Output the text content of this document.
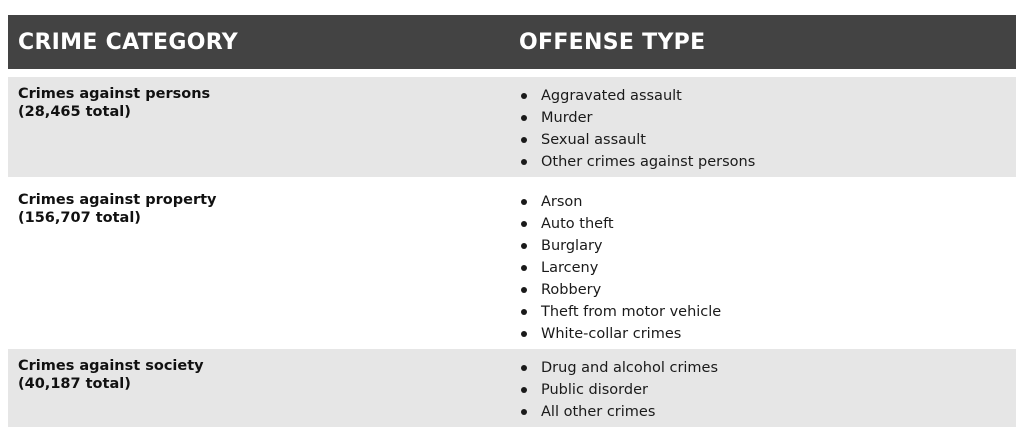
CRIME CATEGORY	OFFENSE TYPE
Crimes against persons
(28,465 total)
Aggravated assault
Murder
Sexual assault
Other crimes against persons
Crimes against property
(156,707 total)
Arson
Auto theft
Burglary
Larceny
Robbery
Theft from motor vehicle
White-collar crimes
Crimes against society
(40,187 total)
Drug and alcohol crimes
Public disorder
All other crimes
